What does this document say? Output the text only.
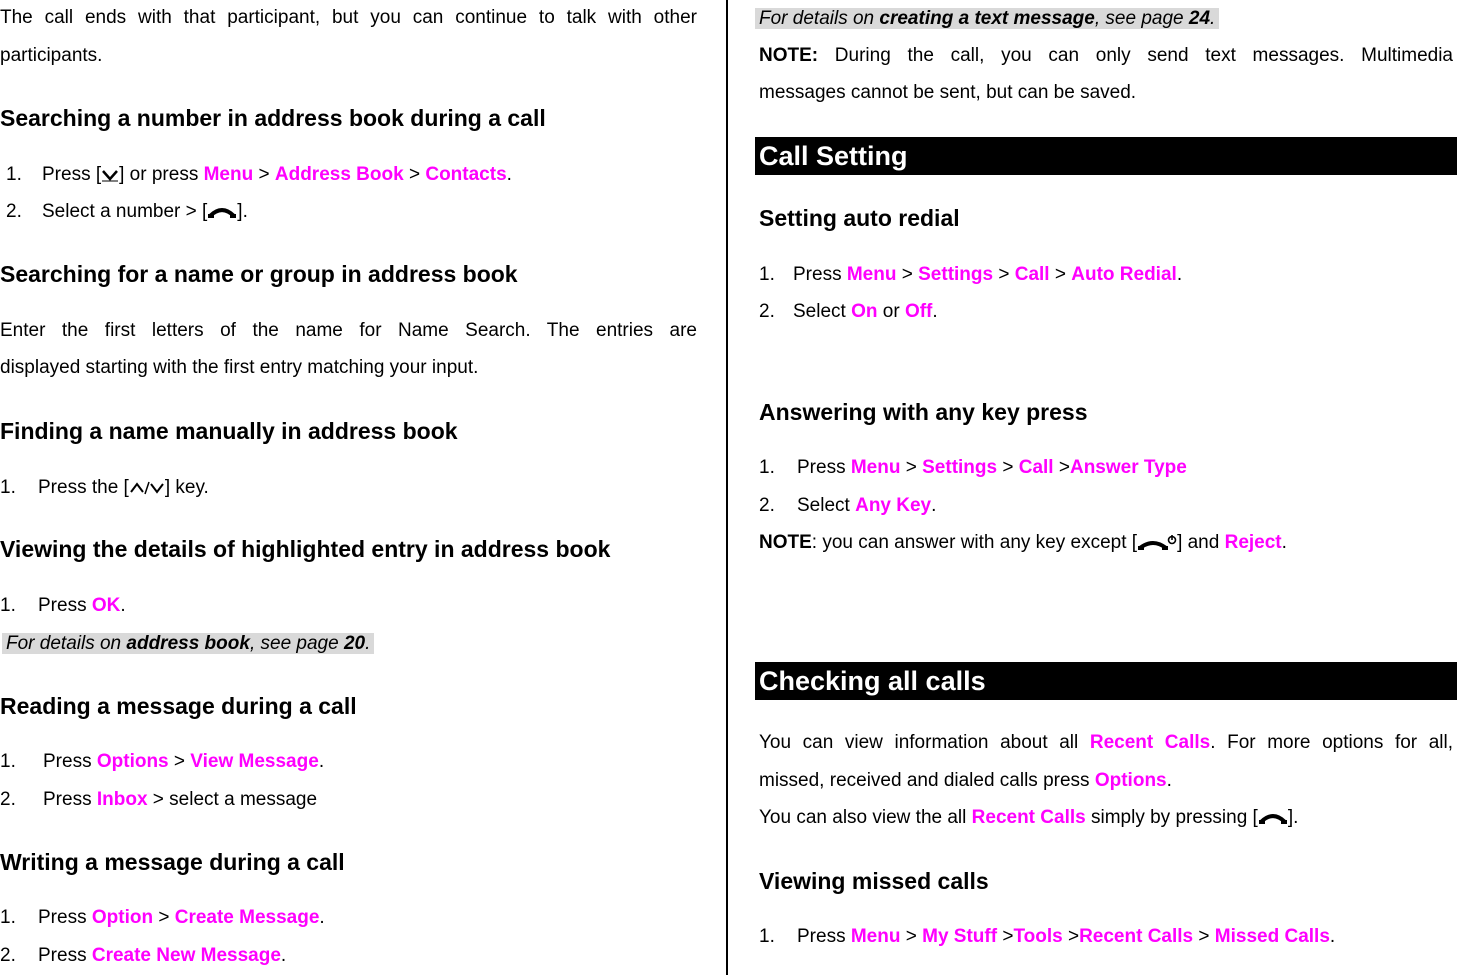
The call ends with that participant, but you can continue to talk with other
participants.
Searching a number in address book during a call
1. Press [ ] or press Menu > Address Book > Contacts.
2. Select a number > [ ].
Searching for a name or group in address book
Enter the first letters of the name for Name Search. The entries are
displayed starting with the first entry matching your input.
Finding a name manually in address book
1. Press the [ ] key.
Viewing the details of highlighted entry in address book
1. Press OK.
For details on address book, see page 20.
Reading a message during a call
1. Press Options > View Message.
2. Press Inbox > select a message
Writing a message during a call
1. Press Option > Create Message.
2. Press Create New Message.
For details on creating a text message, see page 24.
NOTE: During the call, you can only send text messages. Multimedia
messages cannot be sent, but can be saved.
Call Setting
Setting auto redial
1. Press Menu > Settings > Call > Auto Redial.
2. Select On or Off.
Answering with any key press
1. Press Menu > Settings > Call >Answer Type
2. Select Any Key.
NOTE: you can answer with any key except [ ] and Reject.
Checking all calls
You can view information about all Recent Calls. For more options for all,
missed, received and dialed calls press Options.
You can also view the all Recent Calls simply by pressing [ ].
Viewing missed calls
1. Press Menu > My Stuff >Tools >Recent Calls > Missed Calls.
